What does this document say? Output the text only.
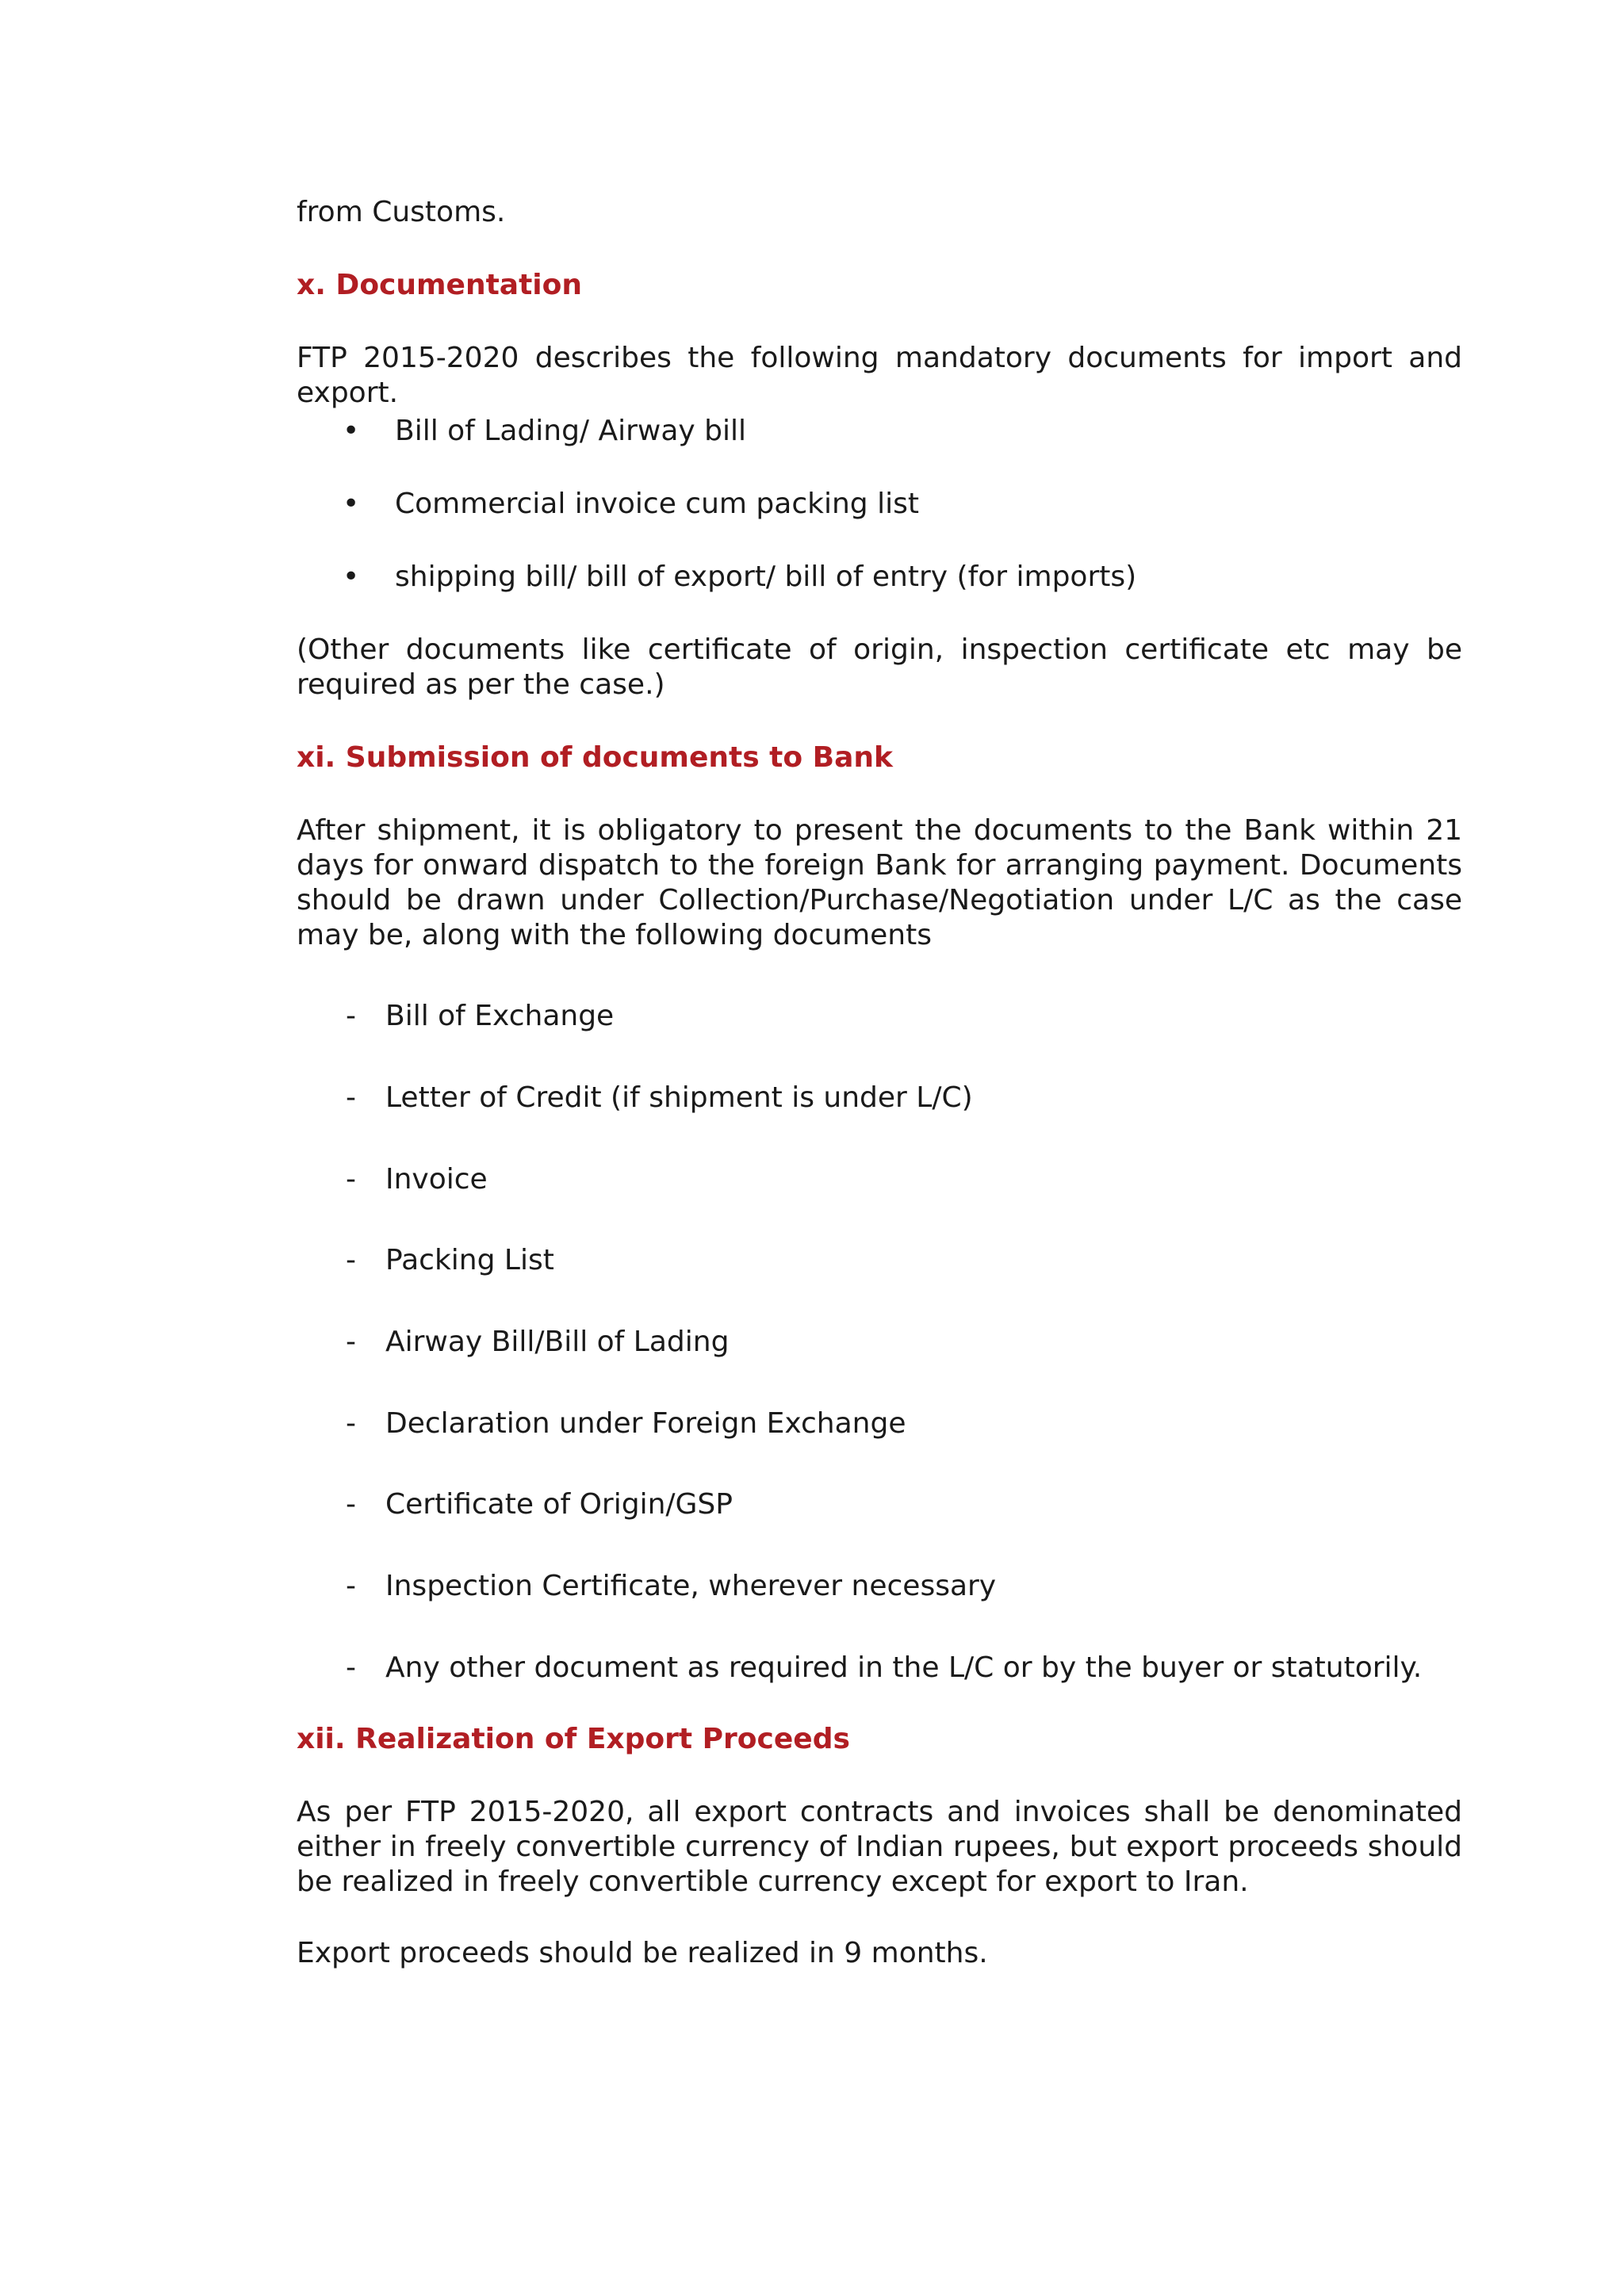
from Customs.

x. Documentation

FTP 2015-2020 describes the following mandatory documents for import and export.

• Bill of Lading/ Airway bill
• Commercial invoice cum packing list
• shipping bill/ bill of export/ bill of entry (for imports)

(Other documents like certificate of origin, inspection certificate etc may be required as per the case.)

xi. Submission of documents to Bank

After shipment, it is obligatory to present the documents to the Bank within 21 days for onward dispatch to the foreign Bank for arranging payment. Documents should be drawn under Collection/Purchase/Negotiation under L/C as the case may be, along with the following documents

-	Bill of Exchange
-	Letter of Credit (if shipment is under L/C)
-	Invoice
-	Packing List
-	Airway Bill/Bill of Lading
-	Declaration under Foreign Exchange
-	Certificate of Origin/GSP
-	Inspection Certificate, wherever necessary
-	Any other document as required in the L/C or by the buyer or statutorily.

xii. Realization of Export Proceeds

As per FTP 2015-2020, all export contracts and invoices shall be denominated either in freely convertible currency of Indian rupees, but export proceeds should be realized in freely convertible currency except for export to Iran.

Export proceeds should be realized in 9 months.
